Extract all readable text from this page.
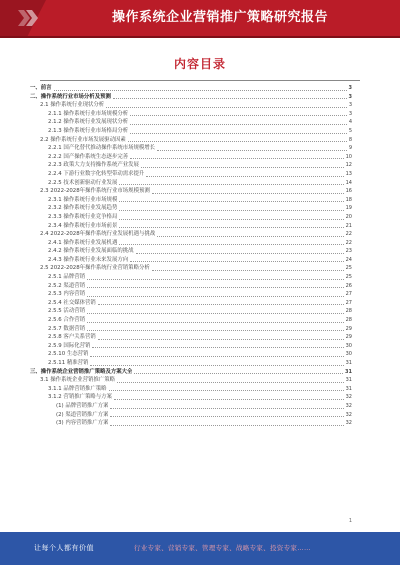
操作系统企业营销推广策略研究报告
内容目录
一、前言	3
二、操作系统行业市场分析及预测	3
2.1 操作系统行业现状分析	3
2.1.1 操作系统行业市场规模分析	3
2.1.2 操作系统行业发展现状分析	4
2.1.3 操作系统行业市场格局分析	5
2.2 操作系统行业市场发展驱动因素	8
2.2.1 国产化替代推动操作系统市场规模增长	9
2.2.2 国产操作系统生态逐步完善	10
2.2.3 政策大力支持操作系统产业发展	12
2.2.4 下游行业数字化转型带动需求提升	13
2.2.5 技术创新驱动行业发展	14
2.3 2022-2028年操作系统行业市场规模预测	16
2.3.1 操作系统行业市场规模	18
2.3.2 操作系统行业发展趋势	19
2.3.3 操作系统行业竞争格局	20
2.3.4 操作系统行业市场前景	21
2.4 2022-2028年操作系统行业发展机遇与挑战	22
2.4.1 操作系统行业发展机遇	22
2.4.2 操作系统行业发展面临的挑战	23
2.4.3 操作系统行业未来发展方向	24
2.5 2022-2028年操作系统行业营销策略分析	25
2.5.1 品牌营销	25
2.5.2 渠道营销	26
2.5.3 内容营销	27
2.5.4 社交媒体营销	27
2.5.5 活动营销	28
2.5.6 合作营销	28
2.5.7 数据营销	29
2.5.8 客户关系营销	29
2.5.9 国际化营销	30
2.5.10 生态营销	30
2.5.11 精准营销	31
三、操作系统企业营销推广策略及方案大全	31
3.1 操作系统企业营销推广策略	31
3.1.1 品牌营销推广策略	31
3.1.2 营销推广策略与方案	32
(1) 品牌营销推广方案	32
(2) 渠道营销推广方案	32
(3) 内容营销推广方案	32
1
让每个人都有价值	行业专家、营销专家、管理专家、战略专家、投资专家……
